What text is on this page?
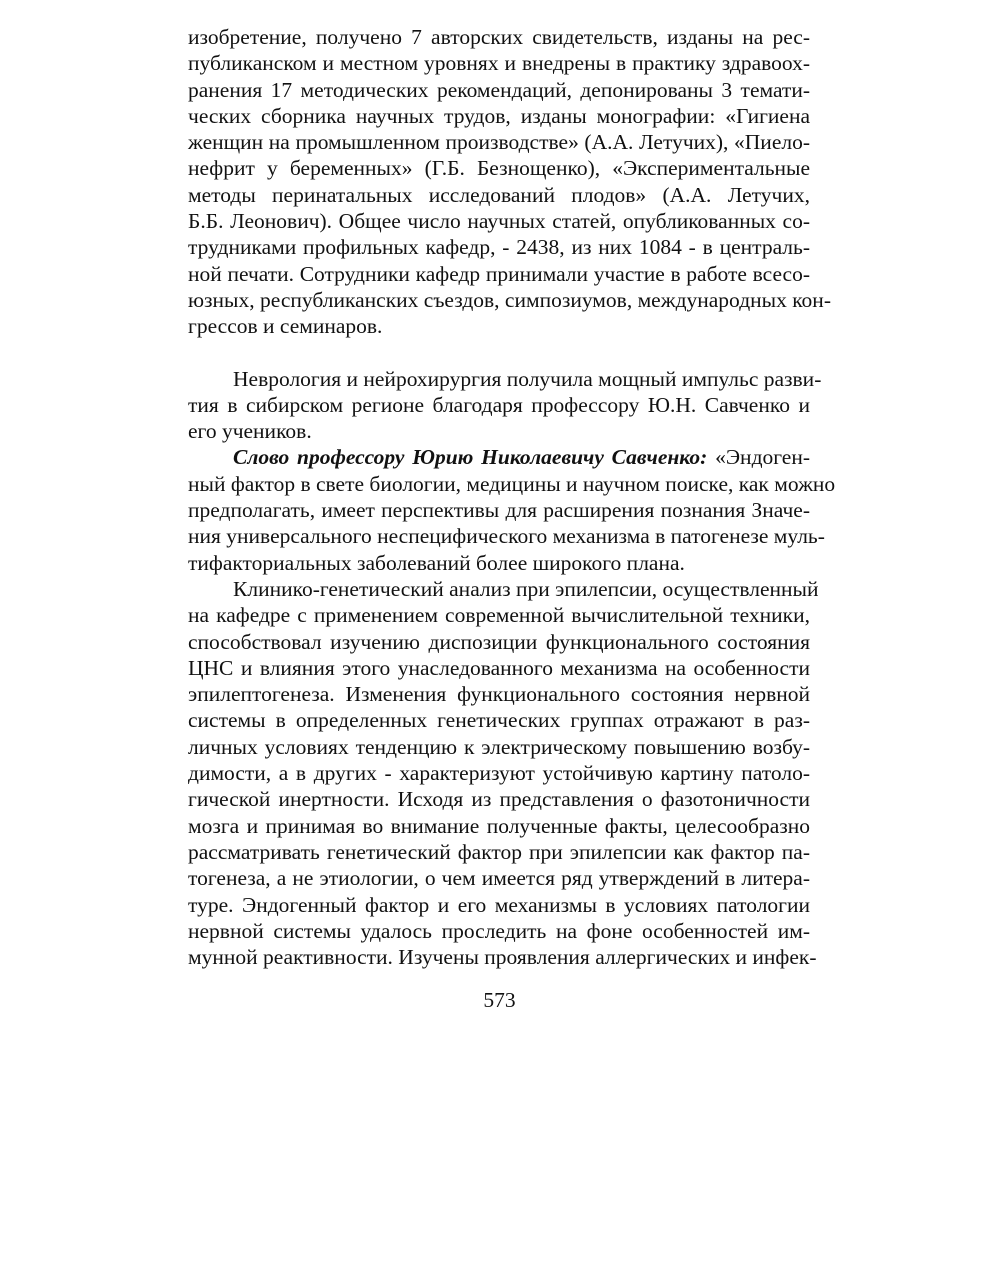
изобретение, получено 7 авторских свидетельств, изданы на рес-
публиканском и местном уровнях и внедрены в практику здравоох-
ранения 17 методических рекомендаций, депонированы 3 темати-
ческих сборника научных трудов, изданы монографии: «Гигиена
женщин на промышленном производстве» (А.А. Летучих), «Пиело-
нефрит у беременных» (Г.Б. Безнощенко), «Экспериментальные
методы перинатальных исследований плодов» (А.А. Летучих,
Б.Б. Леонович). Общее число научных статей, опубликованных со-
трудниками профильных кафедр, - 2438, из них 1084 - в централь-
ной печати. Сотрудники кафедр принимали участие в работе всесо-
юзных, республиканских съездов, симпозиумов, международных кон-
грессов и семинаров.
Неврология и нейрохирургия получила мощный импульс разви-
тия в сибирском регионе благодаря профессору Ю.Н. Савченко и
его учеников.
Слово профессору Юрию Николаевичу Савченко: «Эндоген-
ный фактор в свете биологии, медицины и научном поиске, как можно
предполагать, имеет перспективы для расширения познания Значе-
ния универсального неспецифического механизма в патогенезе муль-
тифакториальных заболеваний более широкого плана.
Клинико-генетический анализ при эпилепсии, осуществленный
на кафедре с применением современной вычислительной техники,
способствовал изучению диспозиции функционального состояния
ЦНС и влияния этого унаследованного механизма на особенности
эпилептогенеза. Изменения функционального состояния нервной
системы в определенных генетических группах отражают в раз-
личных условиях тенденцию к электрическому повышению возбу-
димости, а в других - характеризуют устойчивую картину патоло-
гической инертности. Исходя из представления о фазотоничности
мозга и принимая во внимание полученные факты, целесообразно
рассматривать генетический фактор при эпилепсии как фактор па-
тогенеза, а не этиологии, о чем имеется ряд утверждений в литера-
туре. Эндогенный фактор и его механизмы в условиях патологии
нервной системы удалось проследить на фоне особенностей им-
мунной реактивности. Изучены проявления аллергических и инфек-
573
